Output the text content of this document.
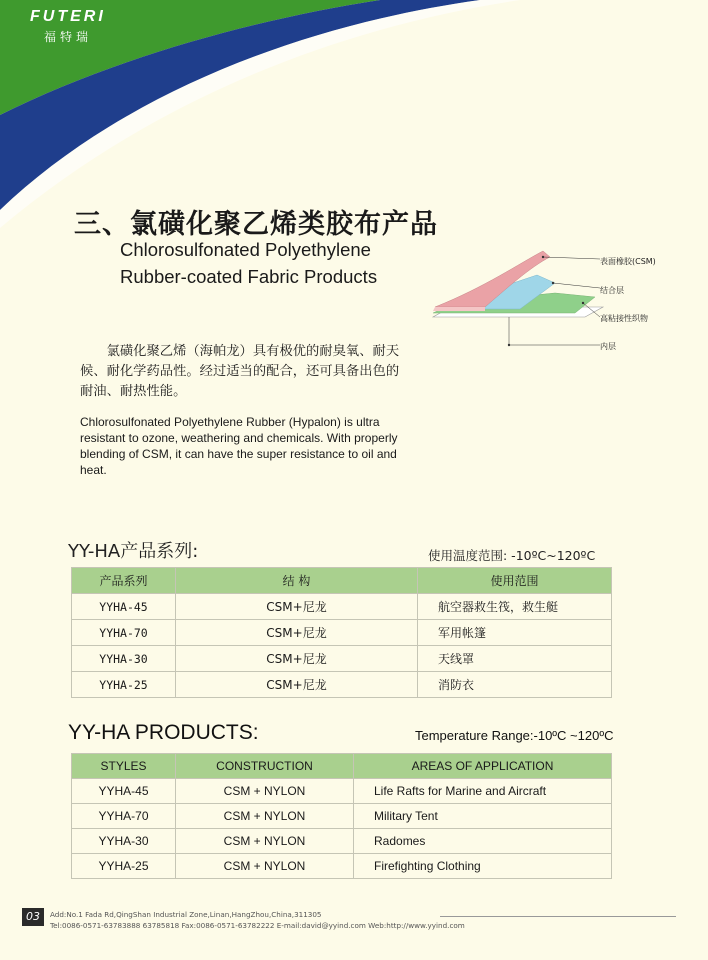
FUTERI
福特瑞
三、氯磺化聚乙烯类胶布产品
Chlorosulfonated Polyethylene
Rubber-coated Fabric Products
表面橡胶(CSM)
结合层
高粘接性织物
内层
氯磺化聚乙烯（海帕龙）具有极优的耐臭氧、耐天候、耐化学药品性。经过适当的配合，还可具备出色的耐油、耐热性能。
Chlorosulfonated Polyethylene Rubber (Hypalon) is ultra resistant to ozone, weathering and chemicals. With properly blending of CSM, it can have the super resistance to oil and heat.
YY-HA产品系列:	使用温度范围: -10ºC~120ºC
产品系列	结 构	使用范围
YYHA-45	CSM+尼龙	航空器救生筏，救生艇
YYHA-70	CSM+尼龙	军用帐篷
YYHA-30	CSM+尼龙	天线罩
YYHA-25	CSM+尼龙	消防衣
YY-HA PRODUCTS:	Temperature Range:-10ºC ~120ºC
STYLES	CONSTRUCTION	AREAS OF APPLICATION
YYHA-45	CSM + NYLON	Life Rafts for Marine and Aircraft
YYHA-70	CSM + NYLON	Military Tent
YYHA-30	CSM + NYLON	Radomes
YYHA-25	CSM + NYLON	Firefighting Clothing
03	Add:No.1 Fada Rd,QingShan Industrial Zone,Linan,HangZhou,China,311305
Tel:0086-0571-63783888 63785818 Fax:0086-0571-63782222 E-mail:david@yyind.com Web:http://www.yyind.com
